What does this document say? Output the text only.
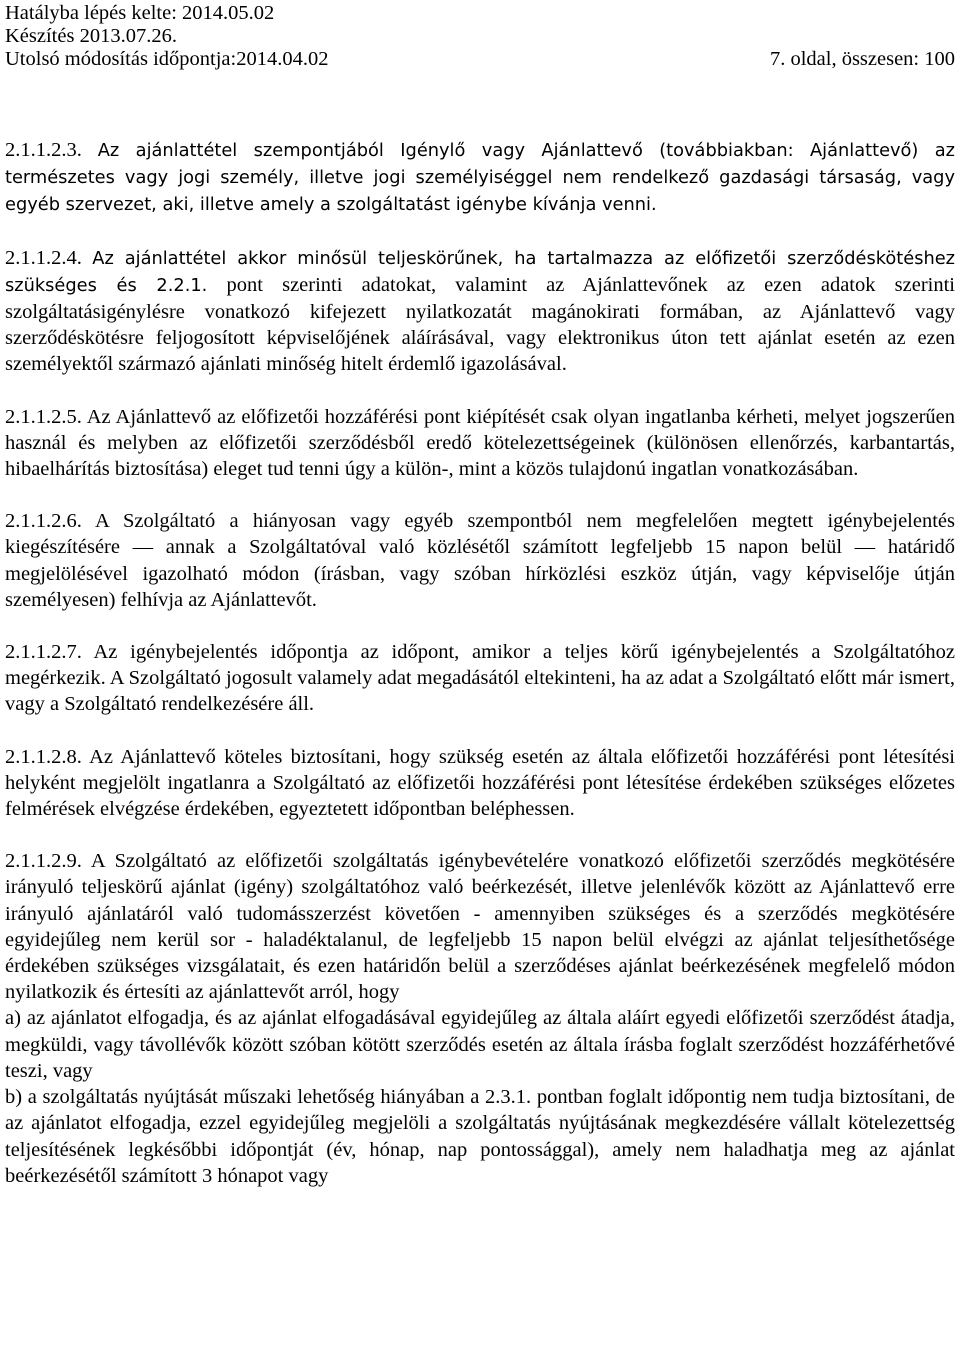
Hatályba lépés kelte: 2014.05.02
Készítés 2013.07.26.
Utolsó módosítás időpontja:2014.04.02	7. oldal, összesen: 100

2.1.1.2.3. Az ajánlattétel szempontjából Igénylő vagy Ajánlattevő (továbbiakban: Ajánlattevő) az természetes vagy jogi személy, illetve jogi személyiséggel nem rendelkező gazdasági társaság, vagy egyéb szervezet, aki, illetve amely a szolgáltatást igénybe kívánja venni.

2.1.1.2.4. Az ajánlattétel akkor minősül teljeskörűnek, ha tartalmazza az előfizetői szerződéskötéshez szükséges és 2.2.1. pont szerinti adatokat, valamint az Ajánlattevőnek az ezen adatok szerinti szolgáltatásigénylésre vonatkozó kifejezett nyilatkozatát magánokirati formában, az Ajánlattevő vagy szerződéskötésre feljogosított képviselőjének aláírásával, vagy elektronikus úton tett ajánlat esetén az ezen személyektől származó ajánlati minőség hitelt érdemlő igazolásával.

2.1.1.2.5. Az Ajánlattevő az előfizetői hozzáférési pont kiépítését csak olyan ingatlanba kérheti, melyet jogszerűen használ és melyben az előfizetői szerződésből eredő kötelezettségeinek (különösen ellenőrzés, karbantartás, hibaelhárítás biztosítása) eleget tud tenni úgy a külön-, mint a közös tulajdonú ingatlan vonatkozásában.

2.1.1.2.6. A Szolgáltató a hiányosan vagy egyéb szempontból nem megfelelően megtett igénybejelentés kiegészítésére — annak a Szolgáltatóval való közlésétől számított legfeljebb 15 napon belül — határidő megjelölésével igazolható módon (írásban, vagy szóban hírközlési eszköz útján, vagy képviselője útján személyesen) felhívja az Ajánlattevőt.

2.1.1.2.7. Az igénybejelentés időpontja az időpont, amikor a teljes körű igénybejelentés a Szolgáltatóhoz megérkezik. A Szolgáltató jogosult valamely adat megadásától eltekinteni, ha az adat a Szolgáltató előtt már ismert, vagy a Szolgáltató rendelkezésére áll.

2.1.1.2.8. Az Ajánlattevő köteles biztosítani, hogy szükség esetén az általa előfizetői hozzáférési pont létesítési helyként megjelölt ingatlanra a Szolgáltató az előfizetői hozzáférési pont létesítése érdekében szükséges előzetes felmérések elvégzése érdekében, egyeztetett időpontban beléphessen.

2.1.1.2.9. A Szolgáltató az előfizetői szolgáltatás igénybevételére vonatkozó előfizetői szerződés megkötésére irányuló teljeskörű ajánlat (igény) szolgáltatóhoz való beérkezését, illetve jelenlévők között az Ajánlattevő erre irányuló ajánlatáról való tudomásszerzést követően - amennyiben szükséges és a szerződés megkötésére egyidejűleg nem kerül sor - haladéktalanul, de legfeljebb 15 napon belül elvégzi az ajánlat teljesíthetősége érdekében szükséges vizsgálatait, és ezen határidőn belül a szerződéses ajánlat beérkezésének megfelelő módon nyilatkozik és értesíti az ajánlattevőt arról, hogy

a) az ajánlatot elfogadja, és az ajánlat elfogadásával egyidejűleg az általa aláírt egyedi előfizetői szerződést átadja, megküldi, vagy távollévők között szóban kötött szerződés esetén az általa írásba foglalt szerződést hozzáférhetővé teszi, vagy

b) a szolgáltatás nyújtását műszaki lehetőség hiányában a 2.3.1. pontban foglalt időpontig nem tudja biztosítani, de az ajánlatot elfogadja, ezzel egyidejűleg megjelöli a szolgáltatás nyújtásának megkezdésére vállalt kötelezettség teljesítésének legkésőbbi időpontját (év, hónap, nap pontossággal), amely nem haladhatja meg az ajánlat beérkezésétől számított 3 hónapot vagy
